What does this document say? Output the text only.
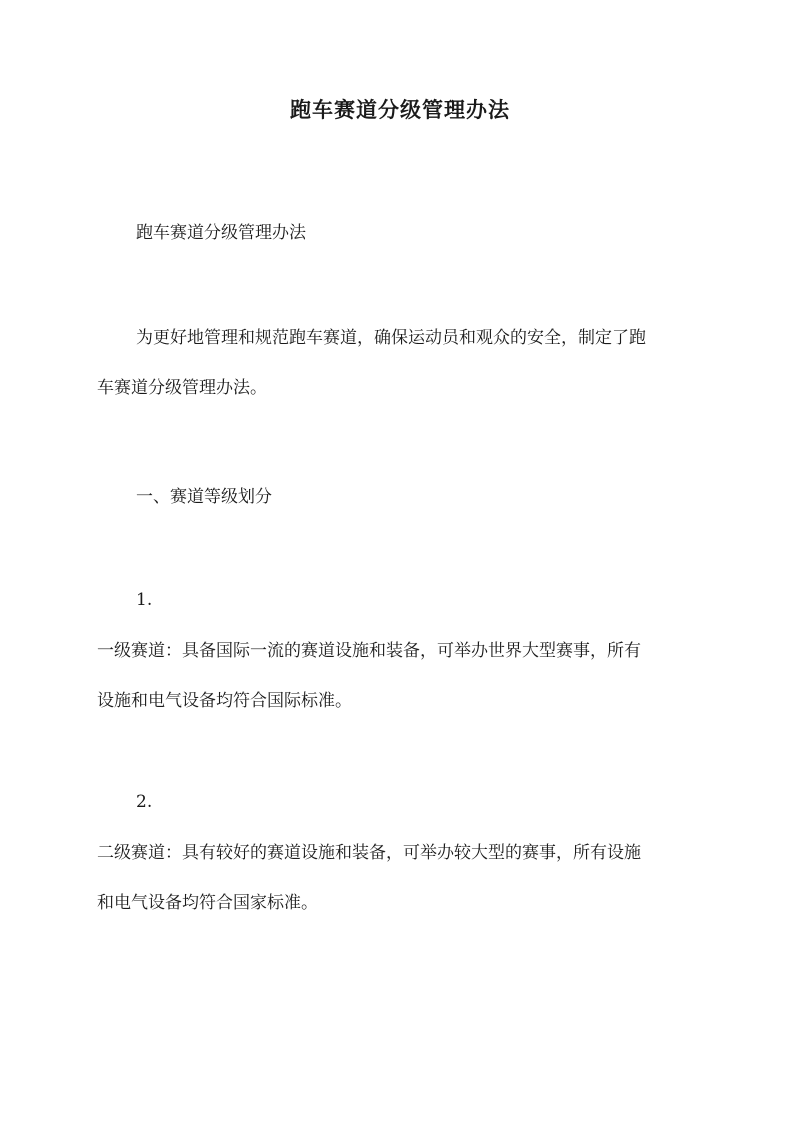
跑车赛道分级管理办法

跑车赛道分级管理办法

为更好地管理和规范跑车赛道，确保运动员和观众的安全，制定了跑

车赛道分级管理办法。

一、赛道等级划分

1.

一级赛道：具备国际一流的赛道设施和装备，可举办世界大型赛事，所有

设施和电气设备均符合国际标准。

2.

二级赛道：具有较好的赛道设施和装备，可举办较大型的赛事，所有设施

和电气设备均符合国家标准。
